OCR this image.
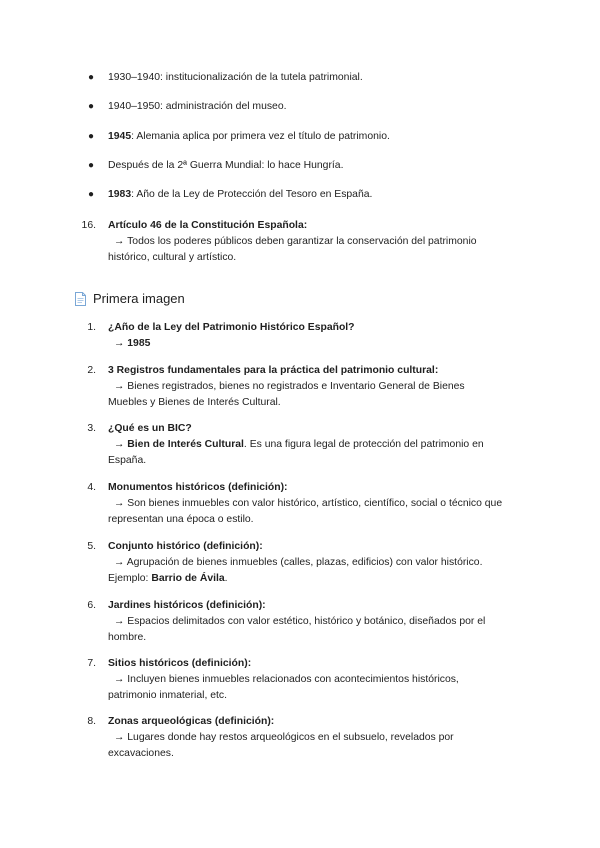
●	1930–1940: institucionalización de la tutela patrimonial.
●	1940–1950: administración del museo.
●	1945: Alemania aplica por primera vez el título de patrimonio.
●	Después de la 2ª Guerra Mundial: lo hace Hungría.
●	1983: Año de la Ley de Protección del Tesoro en España.
16.	Artículo 46 de la Constitución Española:
→ Todos los poderes públicos deben garantizar la conservación del patrimonio
histórico, cultural y artístico.
Primera imagen
1.	¿Año de la Ley del Patrimonio Histórico Español?
→ 1985
2.	3 Registros fundamentales para la práctica del patrimonio cultural:
→ Bienes registrados, bienes no registrados e Inventario General de Bienes
Muebles y Bienes de Interés Cultural.
3.	¿Qué es un BIC?
→ Bien de Interés Cultural. Es una figura legal de protección del patrimonio en
España.
4.	Monumentos históricos (definición):
→ Son bienes inmuebles con valor histórico, artístico, científico, social o técnico que
representan una época o estilo.
5.	Conjunto histórico (definición):
→ Agrupación de bienes inmuebles (calles, plazas, edificios) con valor histórico.
Ejemplo: Barrio de Ávila.
6.	Jardines históricos (definición):
→ Espacios delimitados con valor estético, histórico y botánico, diseñados por el
hombre.
7.	Sitios históricos (definición):
→ Incluyen bienes inmuebles relacionados con acontecimientos históricos,
patrimonio inmaterial, etc.
8.	Zonas arqueológicas (definición):
→ Lugares donde hay restos arqueológicos en el subsuelo, revelados por
excavaciones.
